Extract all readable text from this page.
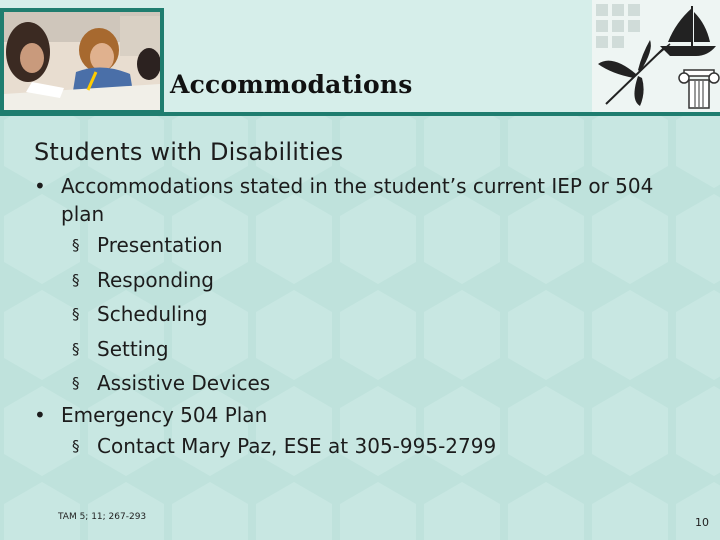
Accommodations

Students with Disabilities

• Accommodations stated in the student’s current IEP or 504 plan

§ Presentation

§ Responding

§ Scheduling

§ Setting

§ Assistive Devices

• Emergency 504 Plan

§ Contact Mary Paz, ESE at 305-995-2799

TAM 5; 11; 267-293	10
